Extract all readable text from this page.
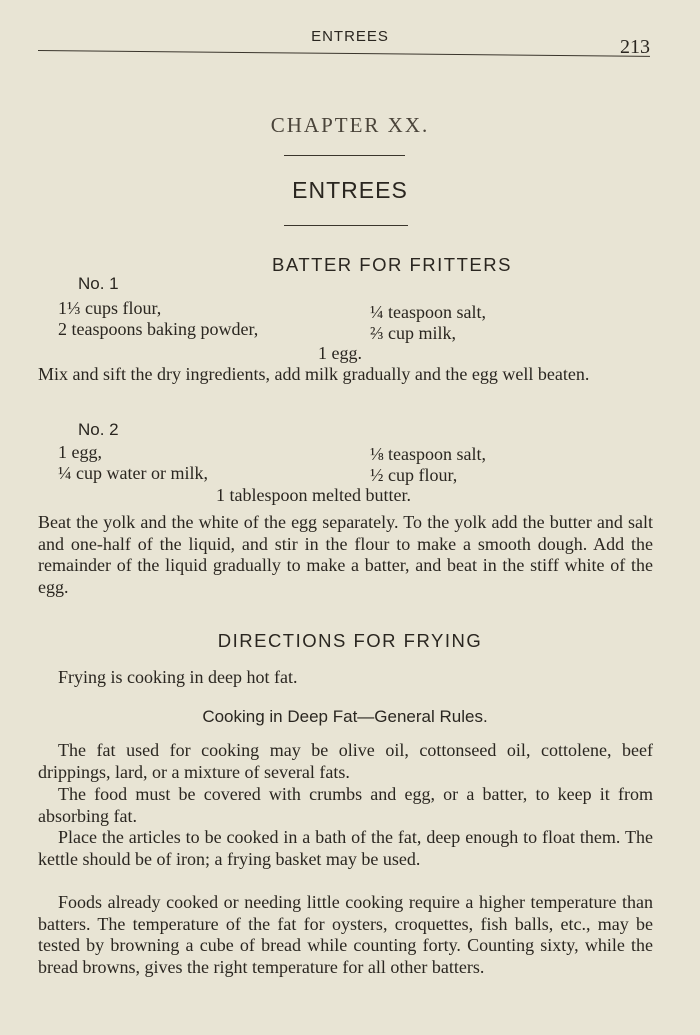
ENTREES	213
CHAPTER XX.
ENTREES
BATTER FOR FRITTERS
No. 1
1⅓ cups flour,	¼ teaspoon salt,
2 teaspoons baking powder,	⅔ cup milk,
1 egg.
Mix and sift the dry ingredients, add milk gradually and the egg well beaten.
No. 2
1 egg,	⅛ teaspoon salt,
¼ cup water or milk,	½ cup flour,
1 tablespoon melted butter.
Beat the yolk and the white of the egg separately. To the yolk add the butter and salt and one-half of the liquid, and stir in the flour to make a smooth dough. Add the remainder of the liquid gradually to make a batter, and beat in the stiff white of the egg.
DIRECTIONS FOR FRYING
Frying is cooking in deep hot fat.
Cooking in Deep Fat—General Rules.
The fat used for cooking may be olive oil, cottonseed oil, cottolene, beef drippings, lard, or a mixture of several fats.
The food must be covered with crumbs and egg, or a batter, to keep it from absorbing fat.
Place the articles to be cooked in a bath of the fat, deep enough to float them. The kettle should be of iron; a frying basket may be used.
Foods already cooked or needing little cooking require a higher temperature than batters. The temperature of the fat for oysters, croquettes, fish balls, etc., may be tested by browning a cube of bread while counting forty. Counting sixty, while the bread browns, gives the right temperature for all other batters.
